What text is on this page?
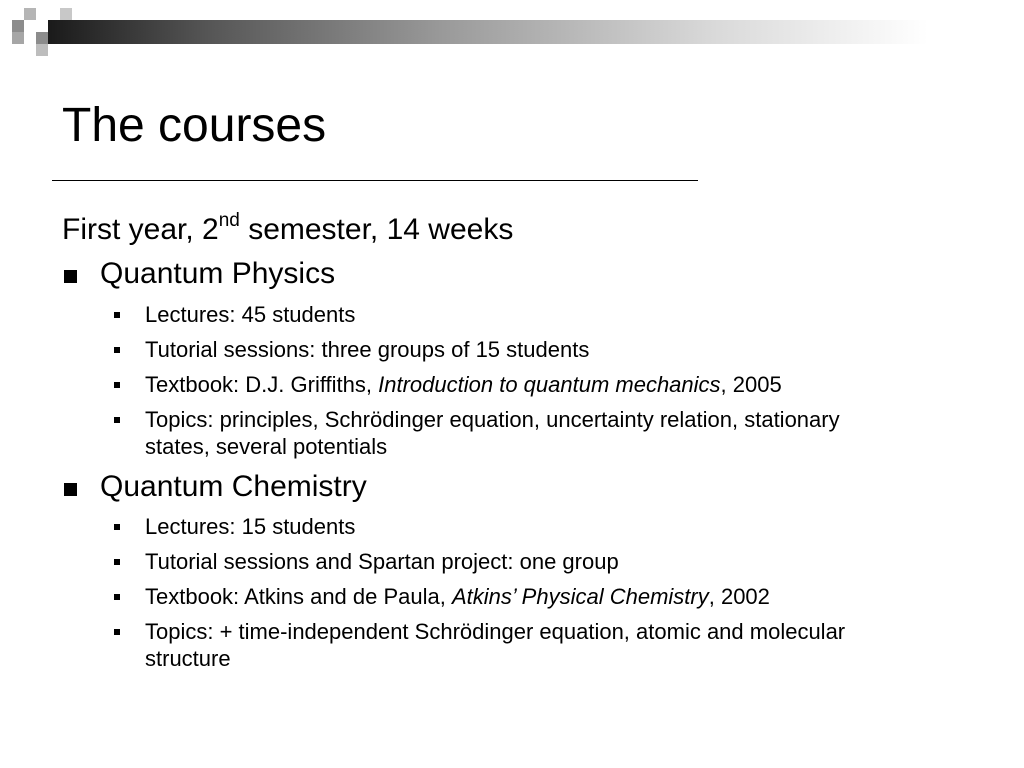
The courses
First year, 2nd semester, 14 weeks
Quantum Physics
Lectures: 45 students
Tutorial sessions: three groups of 15 students
Textbook: D.J. Griffiths, Introduction to quantum mechanics, 2005
Topics: principles, Schrödinger equation, uncertainty relation, stationary
states, several potentials
Quantum Chemistry
Lectures: 15 students
Tutorial sessions and Spartan project: one group
Textbook: Atkins and de Paula, Atkins’ Physical Chemistry, 2002
Topics: + time-independent Schrödinger equation, atomic and molecular
structure
